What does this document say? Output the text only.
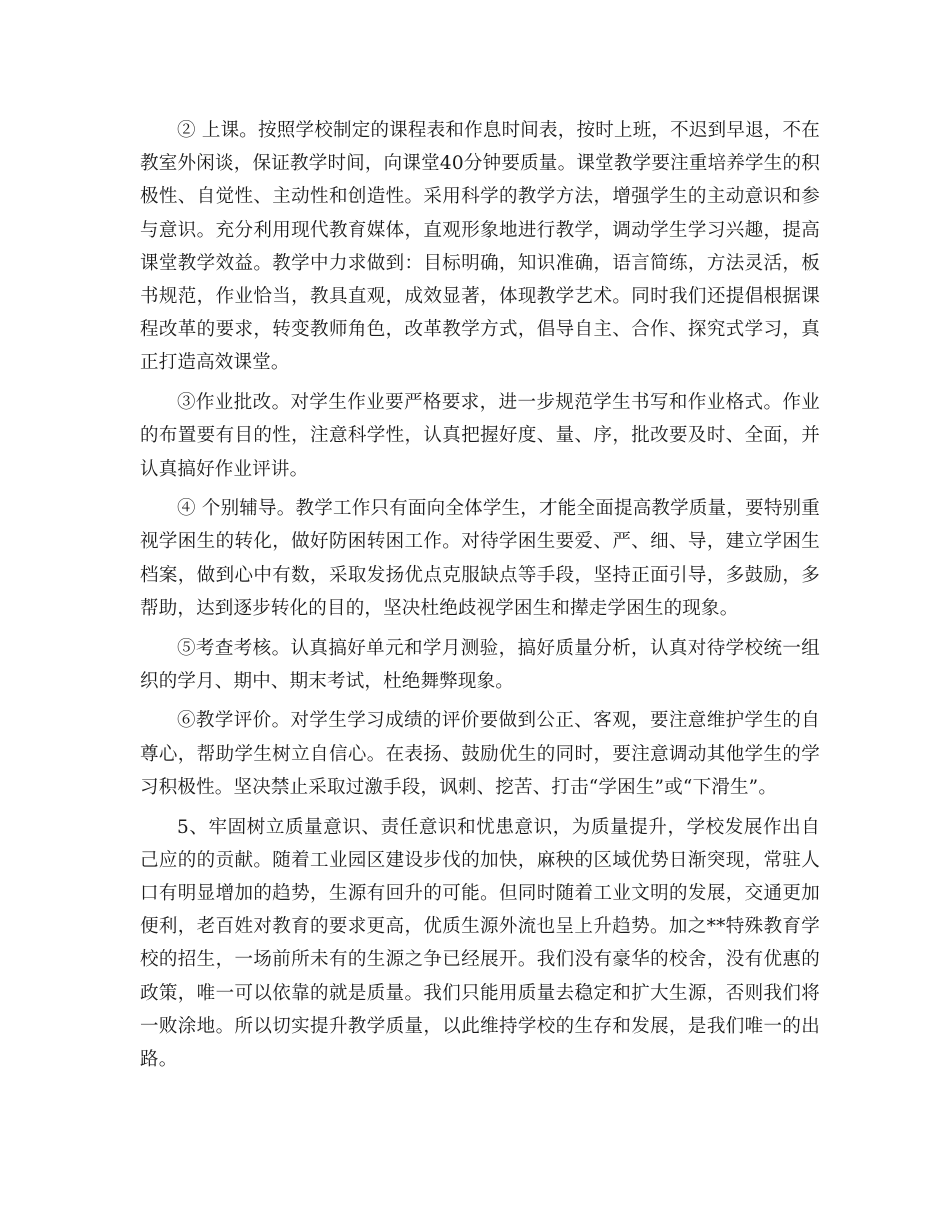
② 上课。按照学校制定的课程表和作息时间表，按时上班，不迟到早退，不在教室外闲谈，保证教学时间，向课堂40分钟要质量。课堂教学要注重培养学生的积极性、自觉性、主动性和创造性。采用科学的教学方法，增强学生的主动意识和参与意识。充分利用现代教育媒体，直观形象地进行教学，调动学生学习兴趣，提高课堂教学效益。教学中力求做到：目标明确，知识准确，语言简练，方法灵活，板书规范，作业恰当，教具直观，成效显著，体现教学艺术。同时我们还提倡根据课程改革的要求，转变教师角色，改革教学方式，倡导自主、合作、探究式学习，真正打造高效课堂。

③作业批改。对学生作业要严格要求，进一步规范学生书写和作业格式。作业的布置要有目的性，注意科学性，认真把握好度、量、序，批改要及时、全面，并认真搞好作业评讲。

④ 个别辅导。教学工作只有面向全体学生，才能全面提高教学质量，要特别重视学困生的转化，做好防困转困工作。对待学困生要爱、严、细、导，建立学困生档案，做到心中有数，采取发扬优点克服缺点等手段，坚持正面引导，多鼓励，多帮助，达到逐步转化的目的，坚决杜绝歧视学困生和撵走学困生的现象。

⑤考查考核。认真搞好单元和学月测验，搞好质量分析，认真对待学校统一组织的学月、期中、期末考试，杜绝舞弊现象。

⑥教学评价。对学生学习成绩的评价要做到公正、客观，要注意维护学生的自尊心，帮助学生树立自信心。在表扬、鼓励优生的同时，要注意调动其他学生的学习积极性。坚决禁止采取过激手段，讽刺、挖苦、打击“学困生”或“下滑生”。

5、牢固树立质量意识、责任意识和忧患意识，为质量提升，学校发展作出自己应的的贡献。随着工业园区建设步伐的加快，麻秧的区域优势日渐突现，常驻人口有明显增加的趋势，生源有回升的可能。但同时随着工业文明的发展，交通更加便利，老百姓对教育的要求更高，优质生源外流也呈上升趋势。加之**特殊教育学校的招生，一场前所未有的生源之争已经展开。我们没有豪华的校舍，没有优惠的政策，唯一可以依靠的就是质量。我们只能用质量去稳定和扩大生源，否则我们将一败涂地。所以切实提升教学质量，以此维持学校的生存和发展，是我们唯一的出路。
